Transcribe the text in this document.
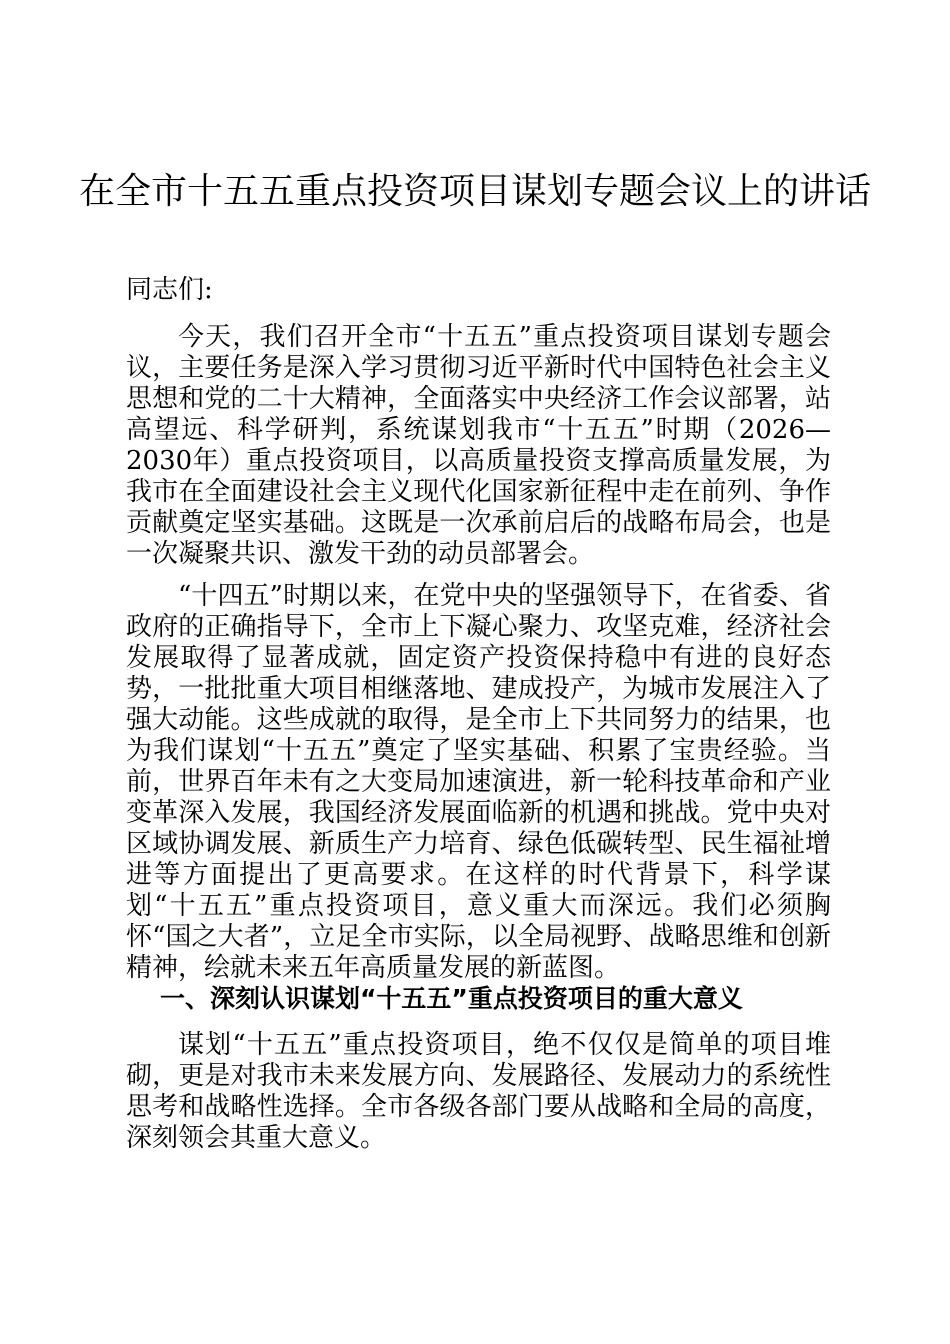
在全市十五五重点投资项目谋划专题会议上的讲话

同志们:

今天，我们召开全市“十五五”重点投资项目谋划专题会议，主要任务是深入学习贯彻习近平新时代中国特色社会主义思想和党的二十大精神，全面落实中央经济工作会议部署，站高望远、科学研判，系统谋划我市“十五五”时期（2026—2030年）重点投资项目，以高质量投资支撑高质量发展，为我市在全面建设社会主义现代化国家新征程中走在前列、争作贡献奠定坚实基础。这既是一次承前启后的战略布局会，也是一次凝聚共识、激发干劲的动员部署会。

“十四五”时期以来，在党中央的坚强领导下，在省委、省政府的正确指导下，全市上下凝心聚力、攻坚克难，经济社会发展取得了显著成就，固定资产投资保持稳中有进的良好态势，一批批重大项目相继落地、建成投产，为城市发展注入了强大动能。这些成就的取得，是全市上下共同努力的结果，也为我们谋划“十五五”奠定了坚实基础、积累了宝贵经验。当前，世界百年未有之大变局加速演进，新一轮科技革命和产业变革深入发展，我国经济发展面临新的机遇和挑战。党中央对区域协调发展、新质生产力培育、绿色低碳转型、民生福祉增进等方面提出了更高要求。在这样的时代背景下，科学谋划“十五五”重点投资项目，意义重大而深远。我们必须胸怀“国之大者”，立足全市实际，以全局视野、战略思维和创新精神，绘就未来五年高质量发展的新蓝图。

一、深刻认识谋划“十五五”重点投资项目的重大意义

谋划“十五五”重点投资项目，绝不仅仅是简单的项目堆砌，更是对我市未来发展方向、发展路径、发展动力的系统性思考和战略性选择。全市各级各部门要从战略和全局的高度，深刻领会其重大意义。
